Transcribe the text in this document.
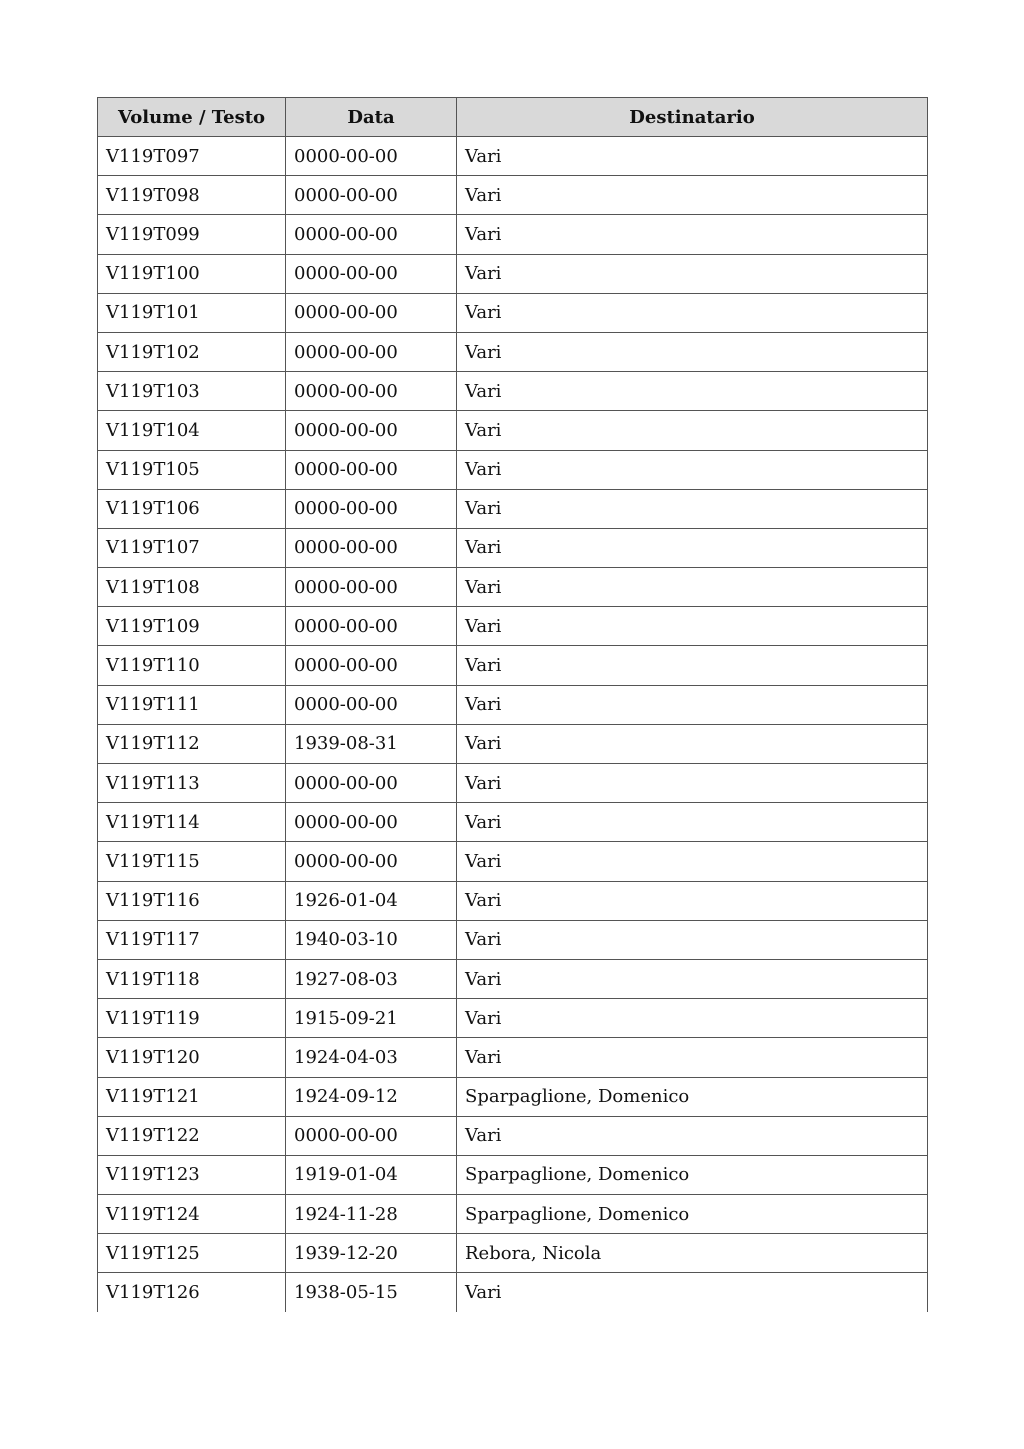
Volume / Testo	Data	Destinatario
V119T097	0000-00-00	Vari
V119T098	0000-00-00	Vari
V119T099	0000-00-00	Vari
V119T100	0000-00-00	Vari
V119T101	0000-00-00	Vari
V119T102	0000-00-00	Vari
V119T103	0000-00-00	Vari
V119T104	0000-00-00	Vari
V119T105	0000-00-00	Vari
V119T106	0000-00-00	Vari
V119T107	0000-00-00	Vari
V119T108	0000-00-00	Vari
V119T109	0000-00-00	Vari
V119T110	0000-00-00	Vari
V119T111	0000-00-00	Vari
V119T112	1939-08-31	Vari
V119T113	0000-00-00	Vari
V119T114	0000-00-00	Vari
V119T115	0000-00-00	Vari
V119T116	1926-01-04	Vari
V119T117	1940-03-10	Vari
V119T118	1927-08-03	Vari
V119T119	1915-09-21	Vari
V119T120	1924-04-03	Vari
V119T121	1924-09-12	Sparpaglione, Domenico
V119T122	0000-00-00	Vari
V119T123	1919-01-04	Sparpaglione, Domenico
V119T124	1924-11-28	Sparpaglione, Domenico
V119T125	1939-12-20	Rebora, Nicola
V119T126	1938-05-15	Vari
